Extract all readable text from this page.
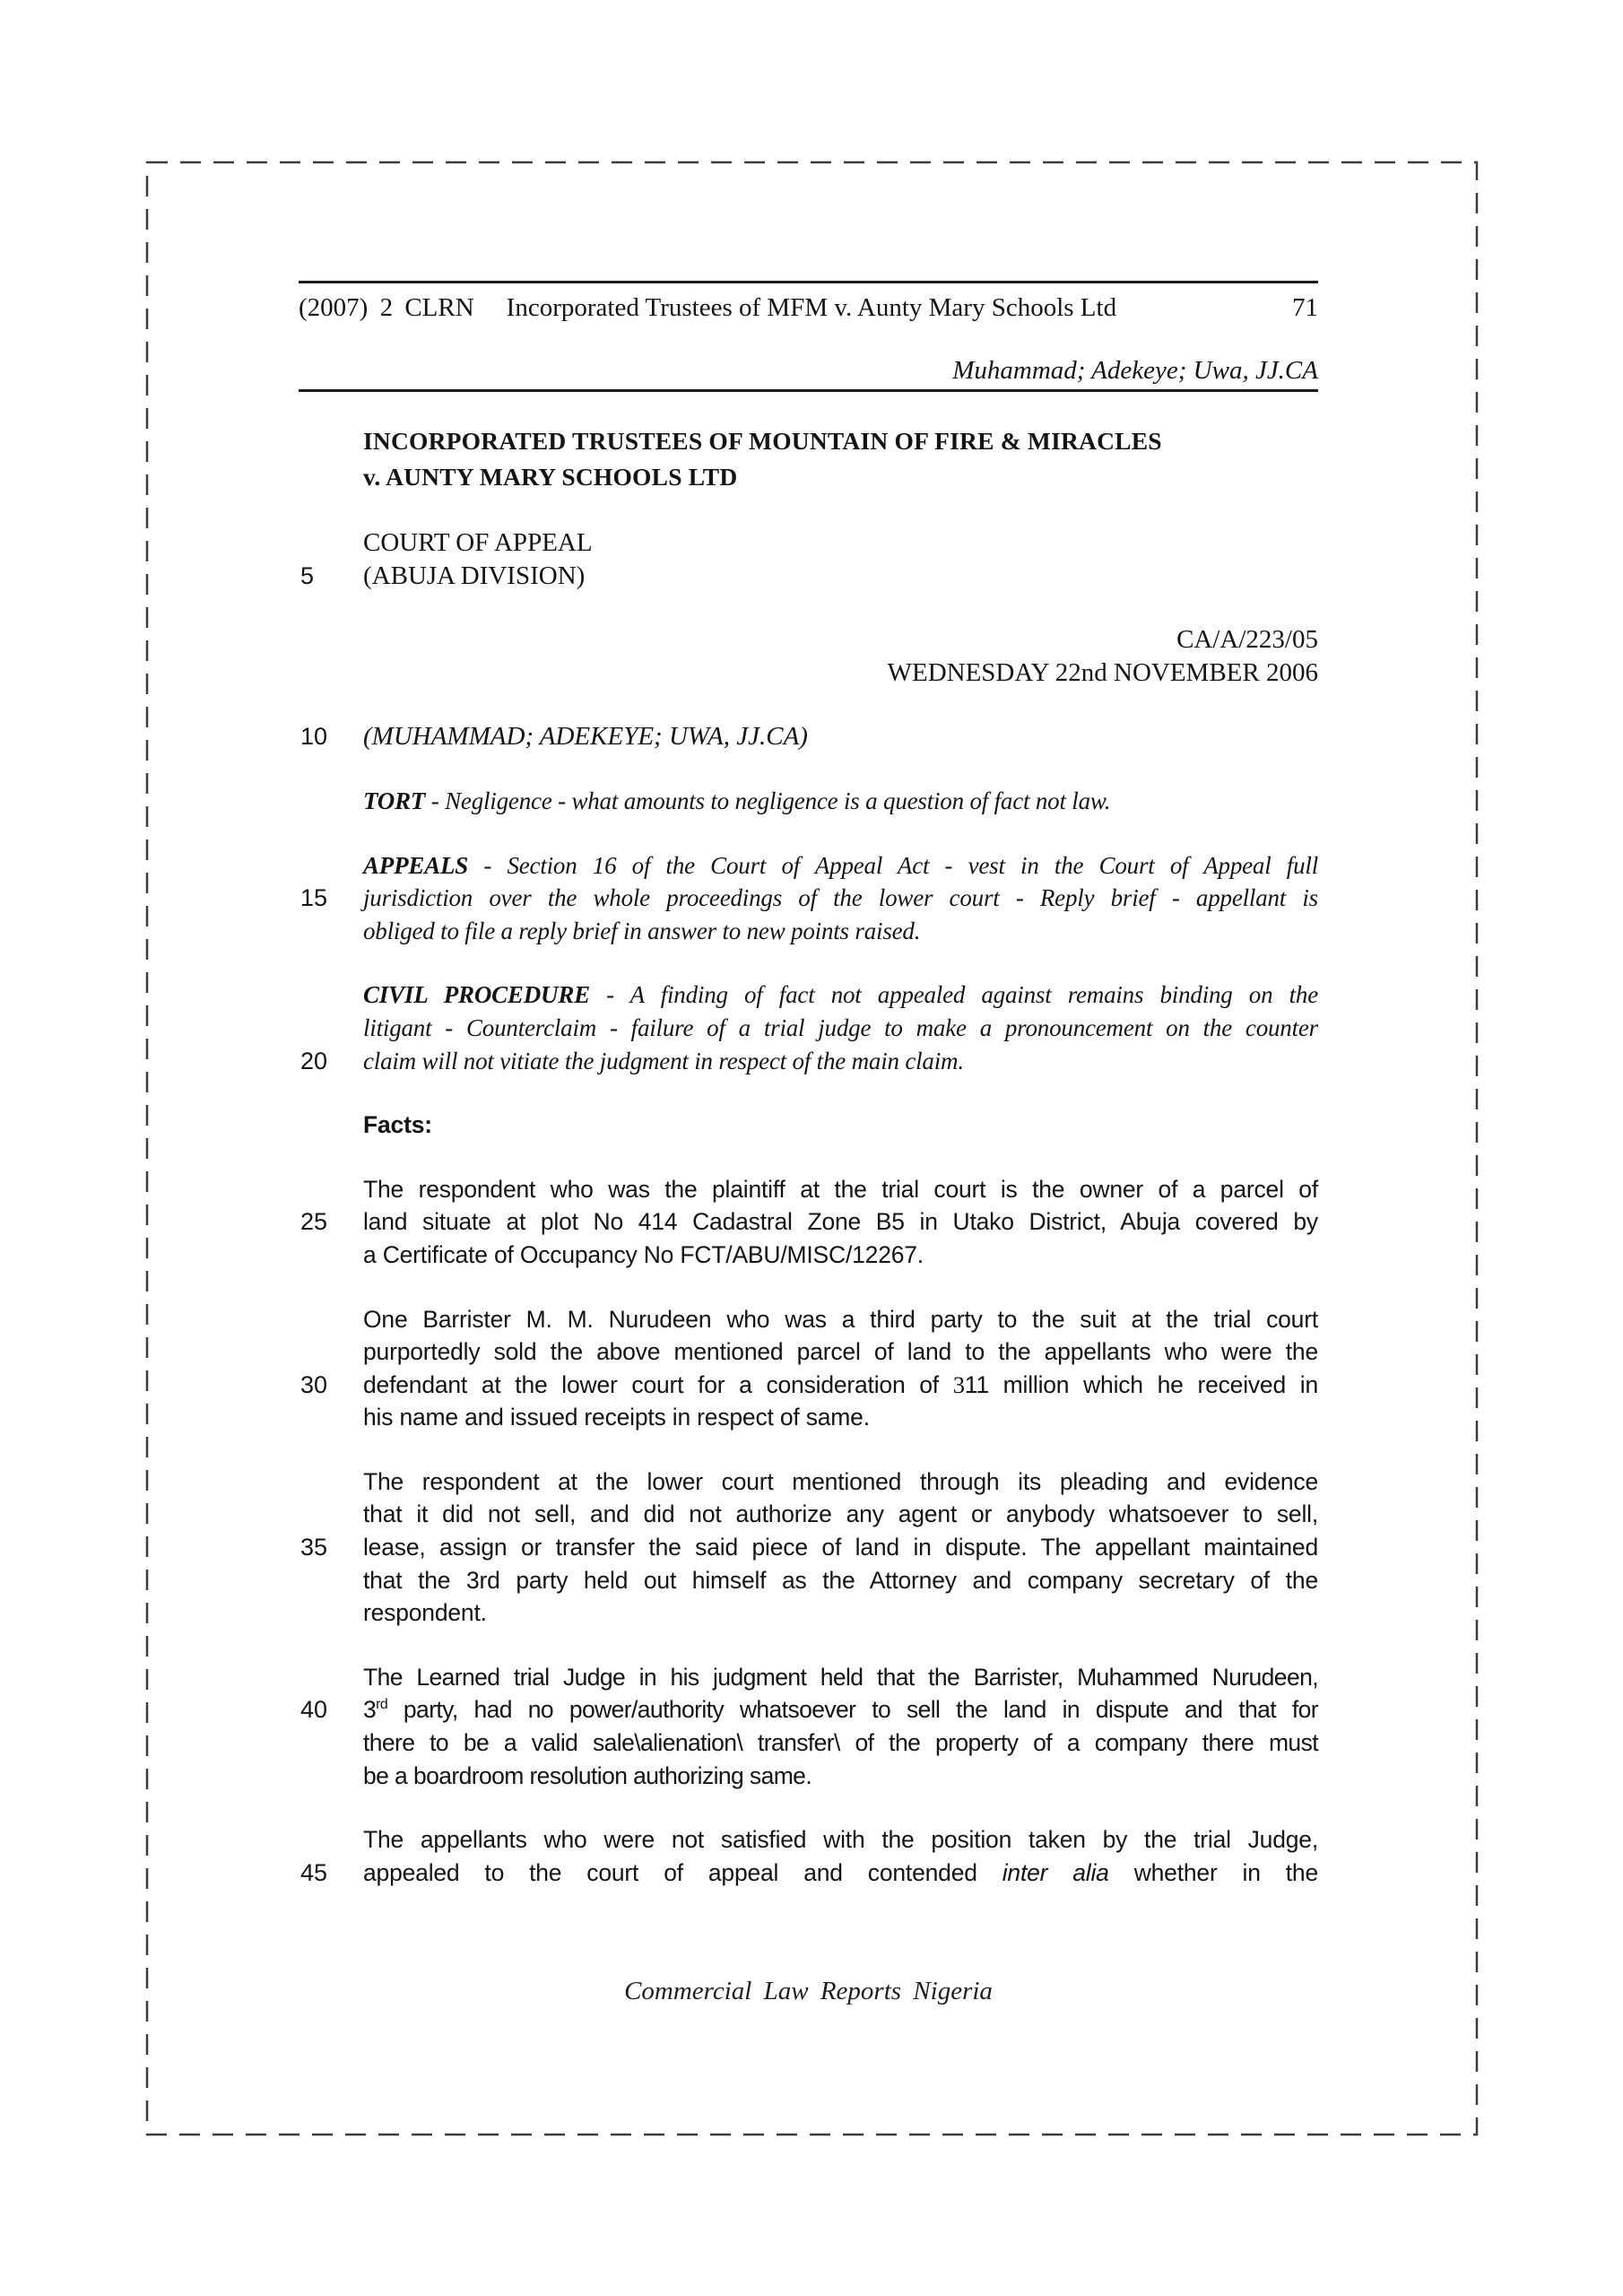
(2007) 2 CLRN Incorporated Trustees of MFM v. Aunty Mary Schools Ltd	71
Muhammad; Adekeye; Uwa, JJ.CA
INCORPORATED TRUSTEES OF MOUNTAIN OF FIRE & MIRACLES
v. AUNTY MARY SCHOOLS LTD
COURT OF APPEAL
5 (ABUJA DIVISION)
CA/A/223/05
WEDNESDAY 22nd NOVEMBER 2006
10 (MUHAMMAD; ADEKEYE; UWA, JJ.CA)
TORT - Negligence - what amounts to negligence is a question of fact not law.
APPEALS - Section 16 of the Court of Appeal Act - vest in the Court of Appeal full
15 jurisdiction over the whole proceedings of the lower court - Reply brief - appellant is
obliged to file a reply brief in answer to new points raised.
CIVIL PROCEDURE - A finding of fact not appealed against remains binding on the
litigant - Counterclaim - failure of a trial judge to make a pronouncement on the counter
20 claim will not vitiate the judgment in respect of the main claim.
Facts:
The respondent who was the plaintiff at the trial court is the owner of a parcel of
25 land situate at plot No 414 Cadastral Zone B5 in Utako District, Abuja covered by
a Certificate of Occupancy No FCT/ABU/MISC/12267.
One Barrister M. M. Nurudeen who was a third party to the suit at the trial court
purportedly sold the above mentioned parcel of land to the appellants who were the
30 defendant at the lower court for a consideration of 311 million which he received in
his name and issued receipts in respect of same.
The respondent at the lower court mentioned through its pleading and evidence
that it did not sell, and did not authorize any agent or anybody whatsoever to sell,
35 lease, assign or transfer the said piece of land in dispute. The appellant maintained
that the 3rd party held out himself as the Attorney and company secretary of the
respondent.
The Learned trial Judge in his judgment held that the Barrister, Muhammed Nurudeen,
40 3rd party, had no power/authority whatsoever to sell the land in dispute and that for
there to be a valid sale\alienation\ transfer\ of the property of a company there must
be a boardroom resolution authorizing same.
The appellants who were not satisfied with the position taken by the trial Judge,
45 appealed to the court of appeal and contended inter alia whether in the
Commercial Law Reports Nigeria
